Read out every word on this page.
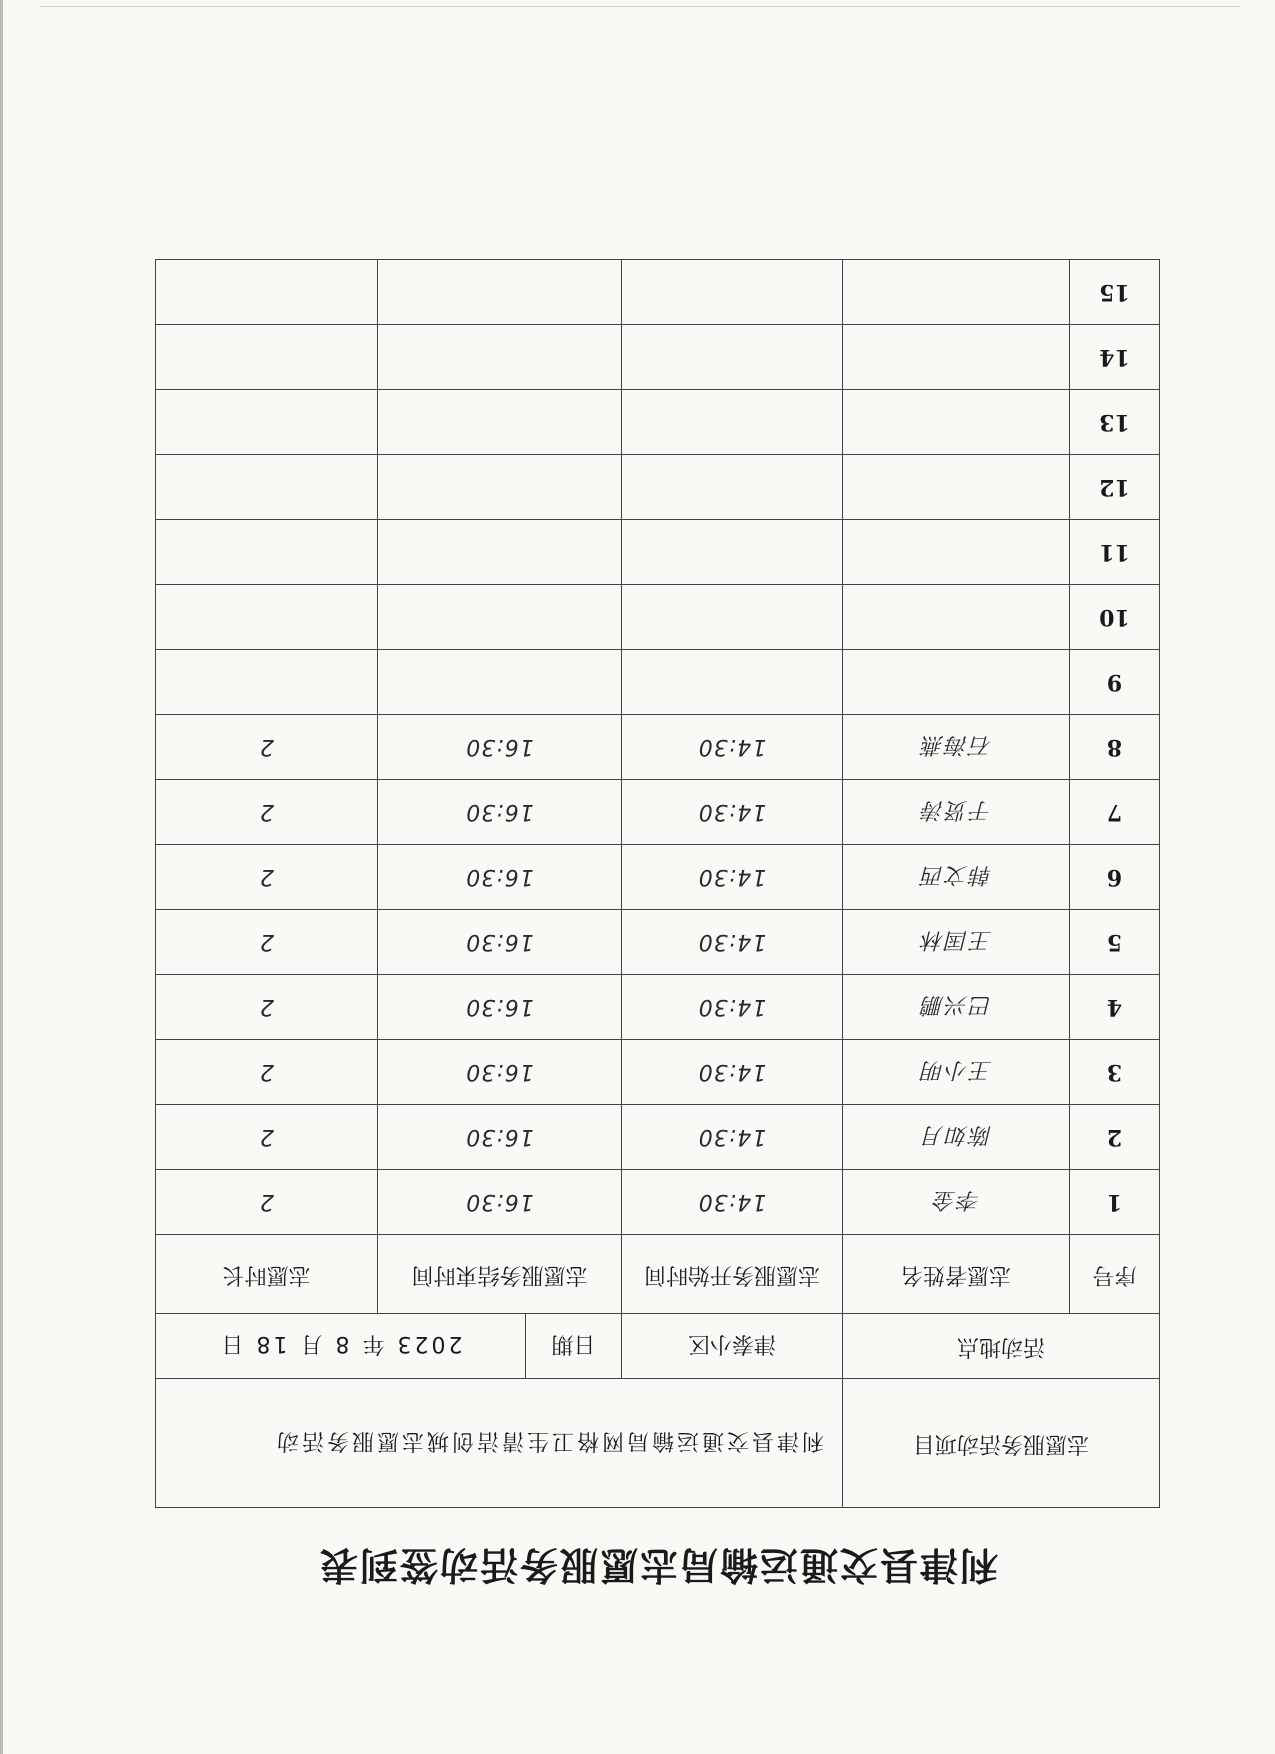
利津县交通运输局志愿服务活动签到表
志愿服务活动项目		利津县交通运输局网格卫生清洁创城志愿服务活动			
活动地点		津泰小区	日期	2023 年 8 月 18 日	
序号	志愿者姓名	志愿服务开始时间	志愿服务结束时间		志愿时长
1	李金	14:30	16:30		2
2	陈如月	14:30	16:30		2
3	王小明	14:30	16:30		2
4	巴兴鹏	14:30	16:30		2
5	王国林	14:30	16:30		2
6	韩文西	14:30	16:30		2
7	于贤涛	14:30	16:30		2
8	石海燕	14:30	16:30		2
9					
10					
11					
12					
13					
14					
15					
